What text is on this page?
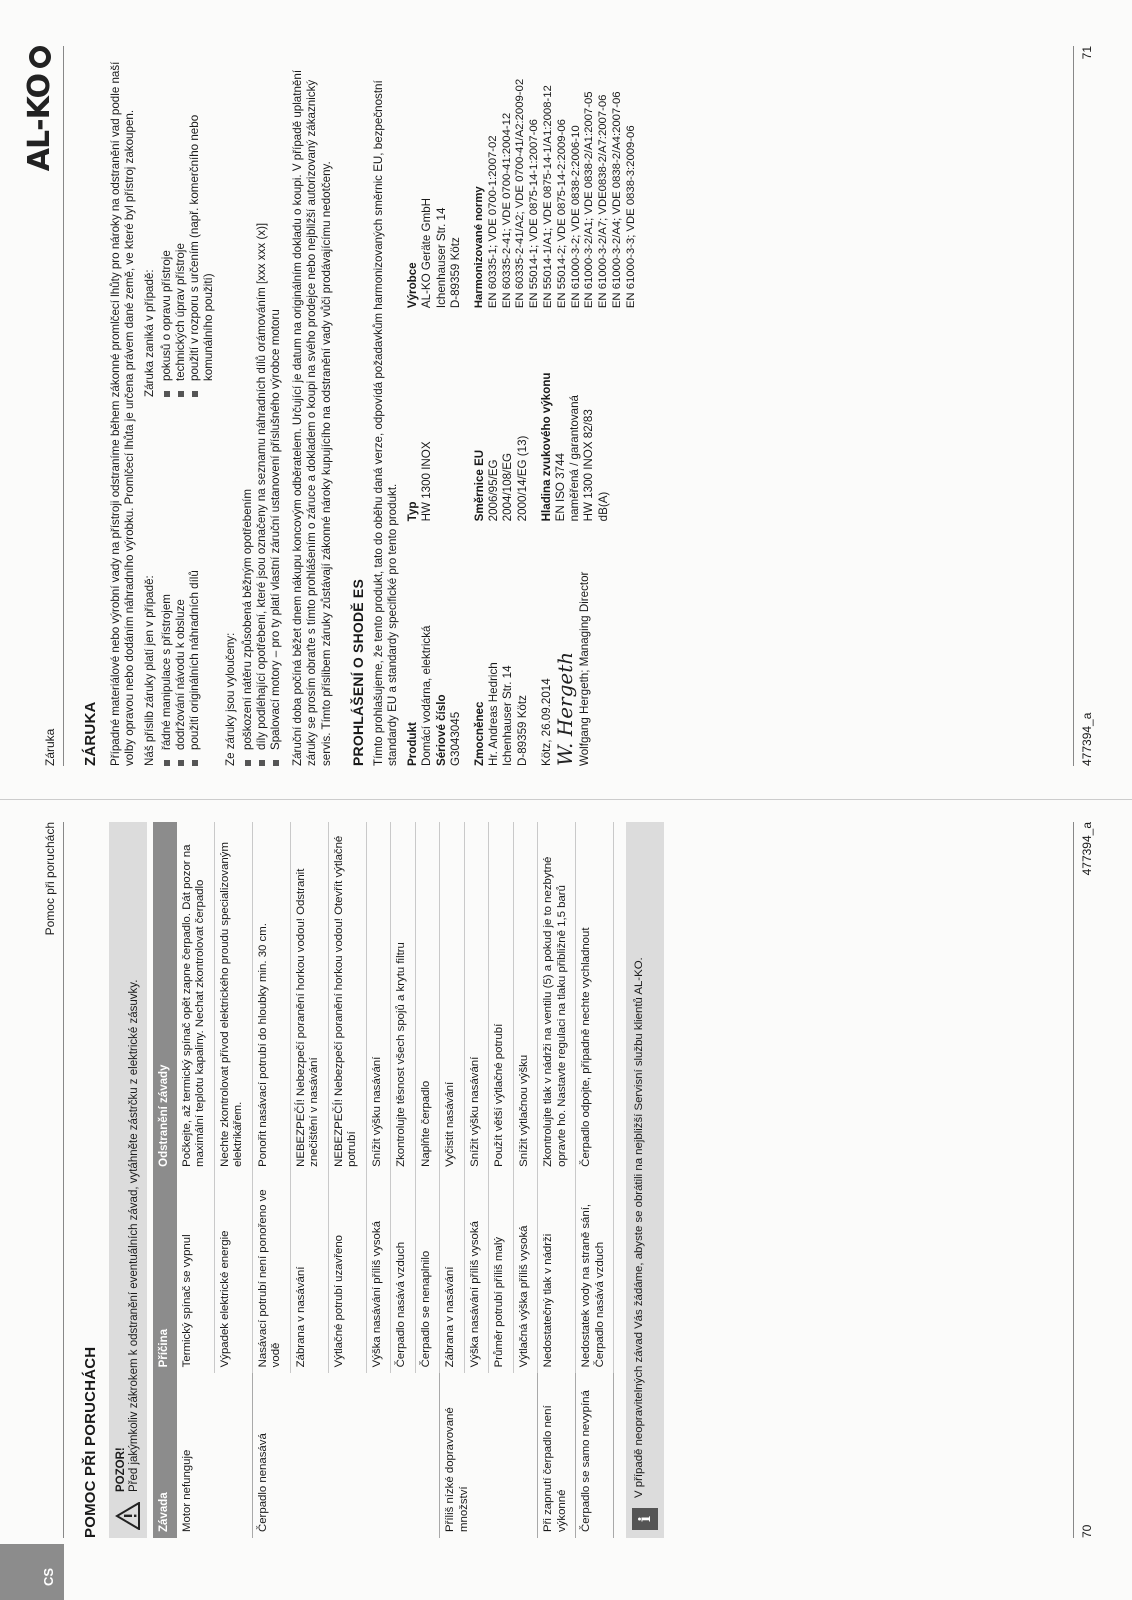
CS
Pomoc při poruchách
POMOC PŘI PORUCHÁCH POZOR! Před jakýmkoliv zákrokem k odstranění eventuálních závad, vytáhněte zástrčku z elektrické zásuvky.
Závada	Příčina	Odstranění závady
Motor nefunguje	Termický spínač se vypnul	Počkejte, až termický spínač opět zapne čerpadlo. Dát pozor na maximální teplotu kapaliny. Nechat zkontrolovat čerpadlo
	Výpadek elektrické energie	Nechte zkontrolovat přívod elektrického proudu specializovaným elektrikářem.
Čerpadlo nenasává	Nasávací potrubí není ponořeno ve vodě	Ponořit nasávací potrubí do hloubky min. 30 cm.
	Zábrana v nasávání	NEBEZPEČÍ! Nebezpečí poranění horkou vodou! Odstranit znečištění v nasávání
	Výtlačné potrubí uzavřeno	NEBEZPEČÍ! Nebezpečí poranění horkou vodou! Otevřít výtlačné potrubí
	Výška nasávání příliš vysoká	Snížit výšku nasávání
	Čerpadlo nasává vzduch	Zkontrolujte těsnost všech spojů a krytu filtru
	Čerpadlo se nenaplnilo	Naplňte čerpadlo
Příliš nízké dopravované množství	Zábrana v nasávání	Vyčistit nasávání
	Výška nasávání příliš vysoká	Snížit výšku nasávání
	Průměr potrubí příliš malý	Použít větší výtlačné potrubí
	Výtlačná výška příliš vysoká	Snížit výtlačnou výšku
Při zapnutí čerpadlo není výkonné	Nedostatečný tlak v nádrži	Zkontrolujte tlak v nádrži na ventilu (5) a pokud je to nezbytné opravte ho. Nastavte regulaci na tlaku přibližně 1,5 barů
Čerpadlo se samo nevypíná	Nedostatek vody na straně sání, Čerpadlo nasává vzduch	Čerpadlo odpojte, případně nechte vychladnout
i
V případě neopravitelných závad Vás žádáme, abyste se obrátili na nejbližší Servisní službu klientů AL-KO.
70
477394_a
Záruka
AL-KO
ZÁRUKA Případné materiálové nebo výrobní vady na přístroji odstraníme během zákonné promlčecí lhůty pro nároky na odstranění vad podle naší volby opravou nebo dodáním náhradního výrobku. Promlčecí lhůta je určena právem dané země, ve které byl přístroj zakoupen. Náš příslib záruky platí jen v případě: řádné manipulace s přístrojem dodržování návodu k obsluze použití originálních náhradních dílů
Záruka zaniká v případě: pokusů o opravu přístroje technických úprav přístroje použití v rozporu s určením (např. komerčního nebo komunálního použití)
Ze záruky jsou vyloučeny: poškození nátěru způsobená běžným opotřebením díly podléhající opotřebení, které jsou označeny na seznamu náhradních dílů orámováním [xxx xxx (x)] Spalovací motory – pro ty platí vlastní záruční ustanovení příslušného výrobce motoru Záruční doba počíná běžet dnem nákupu koncovým odběratelem. Určující je datum na originálním dokladu o koupi. V případě uplatnění záruky se prosím obraťte s tímto prohlášením o záruce a dokladem o koupi na svého prodejce nebo nejbližší autorizovaný zákaznický servis. Tímto příslibem záruky zůstávají zákonné nároky kupujícího na odstranění vady vůči prodávajícímu nedotčeny. PROHLÁŠENÍ O SHODĚ ES Tímto prohlašujeme, že tento produkt, tato do oběhu daná verze, odpovídá požadavkům harmonizovaných směrnic EU, bezpečnostní standardy EU a standardy specifické pro tento produkt. Produkt
Domácí vodárna, elektrická
Sériové číslo
G3043045
Typ
HW 1300 INOX
Výrobce
AL-KO Geräte GmbH
Ichenhauser Str. 14
D-89359 Kötz
Zmocněnec
Hr. Andreas Hedrich
Ichenhauser Str. 14
D-89359 Kötz Kötz, 26.09.2014 W. Hergeth Wolfgang Hergeth; Managing Director
Směrnice EU
2006/95/EG
2004/108/EG
2000/14/EG (13) Hladina zvukového výkonu
EN ISO 3744
naměřená / garantovaná
HW 1300 INOX 82/83
dB(A)
Harmonizované normy EN 60335-1; VDE 0700-1:2007-02 EN 60335-2-41; VDE 0700-41:2004-12 EN 60335-2-41/A2; VDE 0700-41/A2:2009-02 EN 55014-1; VDE 0875-14-1:2007-06 EN 55014-1/A1; VDE 0875-14-1/A1:2008-12 EN 55014-2; VDE 0875-14-2:2009-06 EN 61000-3-2; VDE 0838-2:2006-10 EN 61000-3-2/A1; VDE 0838-2/A1:2007-05 EN 61000-3-2/A7; VDE0838-2/A7:2007-06 EN 61000-3-2/A4; VDE 0838-2/A4:2007-06 EN 61000-3-3; VDE 0838-3:2009-06
477394_a
71
